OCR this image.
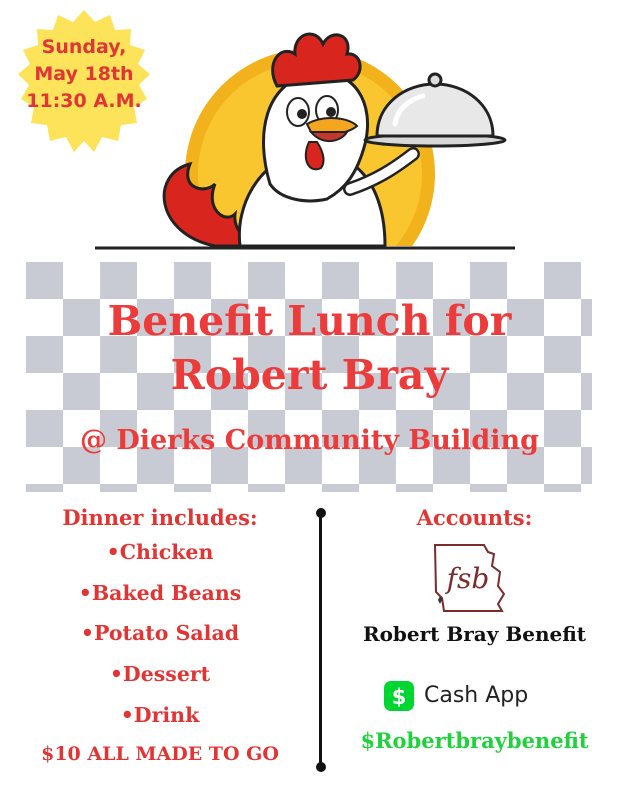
Sunday,
May 18th
11:30 A.M.
Benefit Lunch for
Robert Bray
@ Dierks Community Building
Dinner includes:
•Chicken
•Baked Beans
•Potato Salad
•Dessert
•Drink
$10 ALL MADE TO GO
Accounts:
fsb
Robert Bray Benefit
$ Cash App
$Robertbraybenefit
